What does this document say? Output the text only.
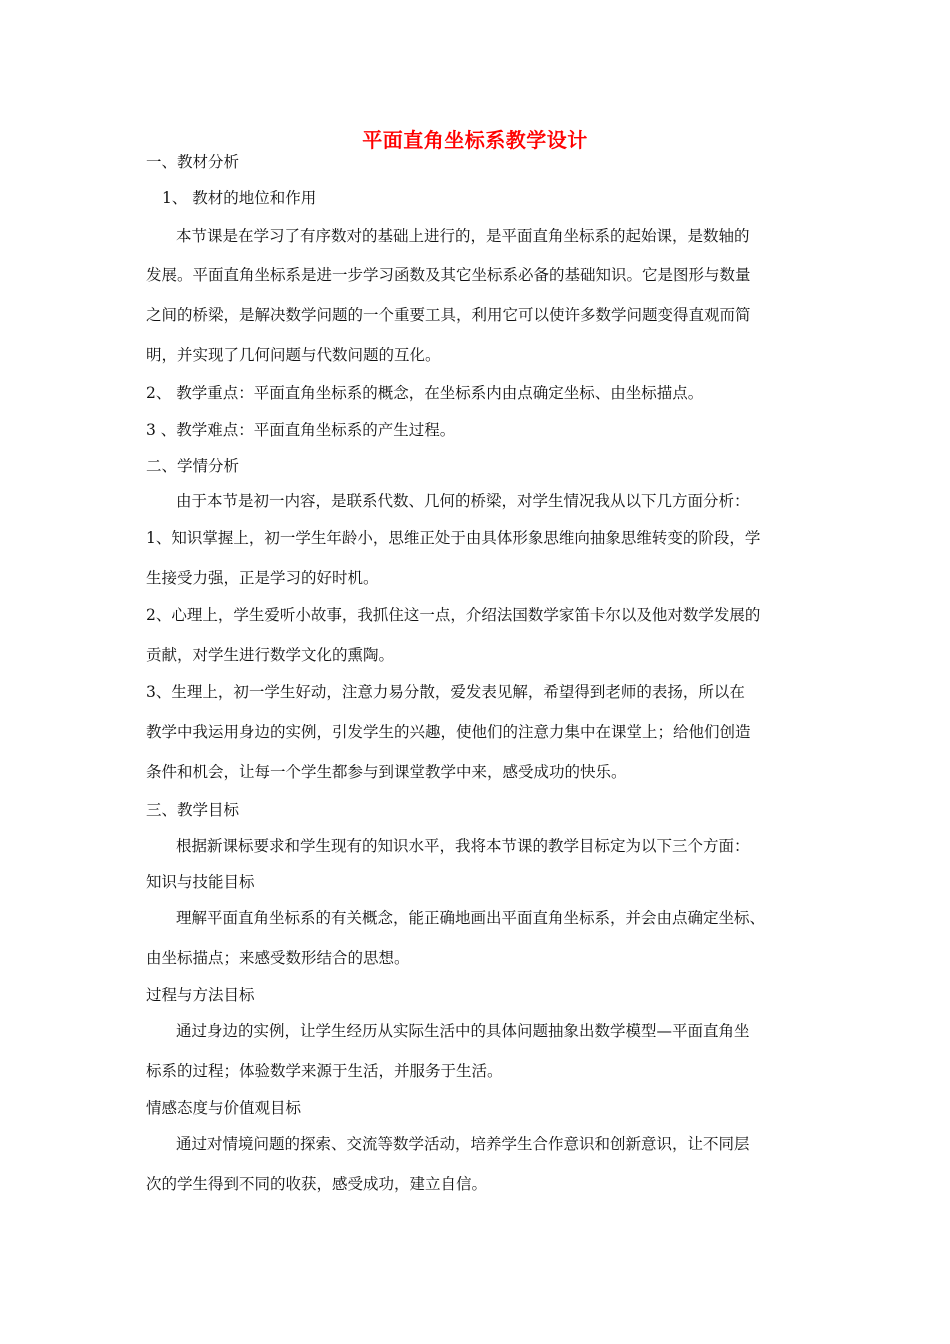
平面直角坐标系教学设计
一、教材分析
1、 教材的地位和作用
本节课是在学习了有序数对的基础上进行的，是平面直角坐标系的起始课，是数轴的
发展。平面直角坐标系是进一步学习函数及其它坐标系必备的基础知识。它是图形与数量
之间的桥梁，是解决数学问题的一个重要工具，利用它可以使许多数学问题变得直观而简
明，并实现了几何问题与代数问题的互化。
2、 教学重点：平面直角坐标系的概念，在坐标系内由点确定坐标、由坐标描点。
3 、教学难点：平面直角坐标系的产生过程。
二、学情分析
由于本节是初一内容，是联系代数、几何的桥梁，对学生情况我从以下几方面分析：
1、知识掌握上，初一学生年龄小，思维正处于由具体形象思维向抽象思维转变的阶段，学
生接受力强，正是学习的好时机。
2、心理上，学生爱听小故事，我抓住这一点，介绍法国数学家笛卡尔以及他对数学发展的
贡献，对学生进行数学文化的熏陶。
3、生理上，初一学生好动，注意力易分散，爱发表见解，希望得到老师的表扬，所以在
教学中我运用身边的实例，引发学生的兴趣，使他们的注意力集中在课堂上；给他们创造
条件和机会，让每一个学生都参与到课堂教学中来，感受成功的快乐。
三、教学目标
根据新课标要求和学生现有的知识水平，我将本节课的教学目标定为以下三个方面：
知识与技能目标
理解平面直角坐标系的有关概念，能正确地画出平面直角坐标系，并会由点确定坐标、
由坐标描点；来感受数形结合的思想。
过程与方法目标
通过身边的实例，让学生经历从实际生活中的具体问题抽象出数学模型—平面直角坐
标系的过程；体验数学来源于生活，并服务于生活。
情感态度与价值观目标
通过对情境问题的探索、交流等数学活动，培养学生合作意识和创新意识，让不同层
次的学生得到不同的收获，感受成功，建立自信。
